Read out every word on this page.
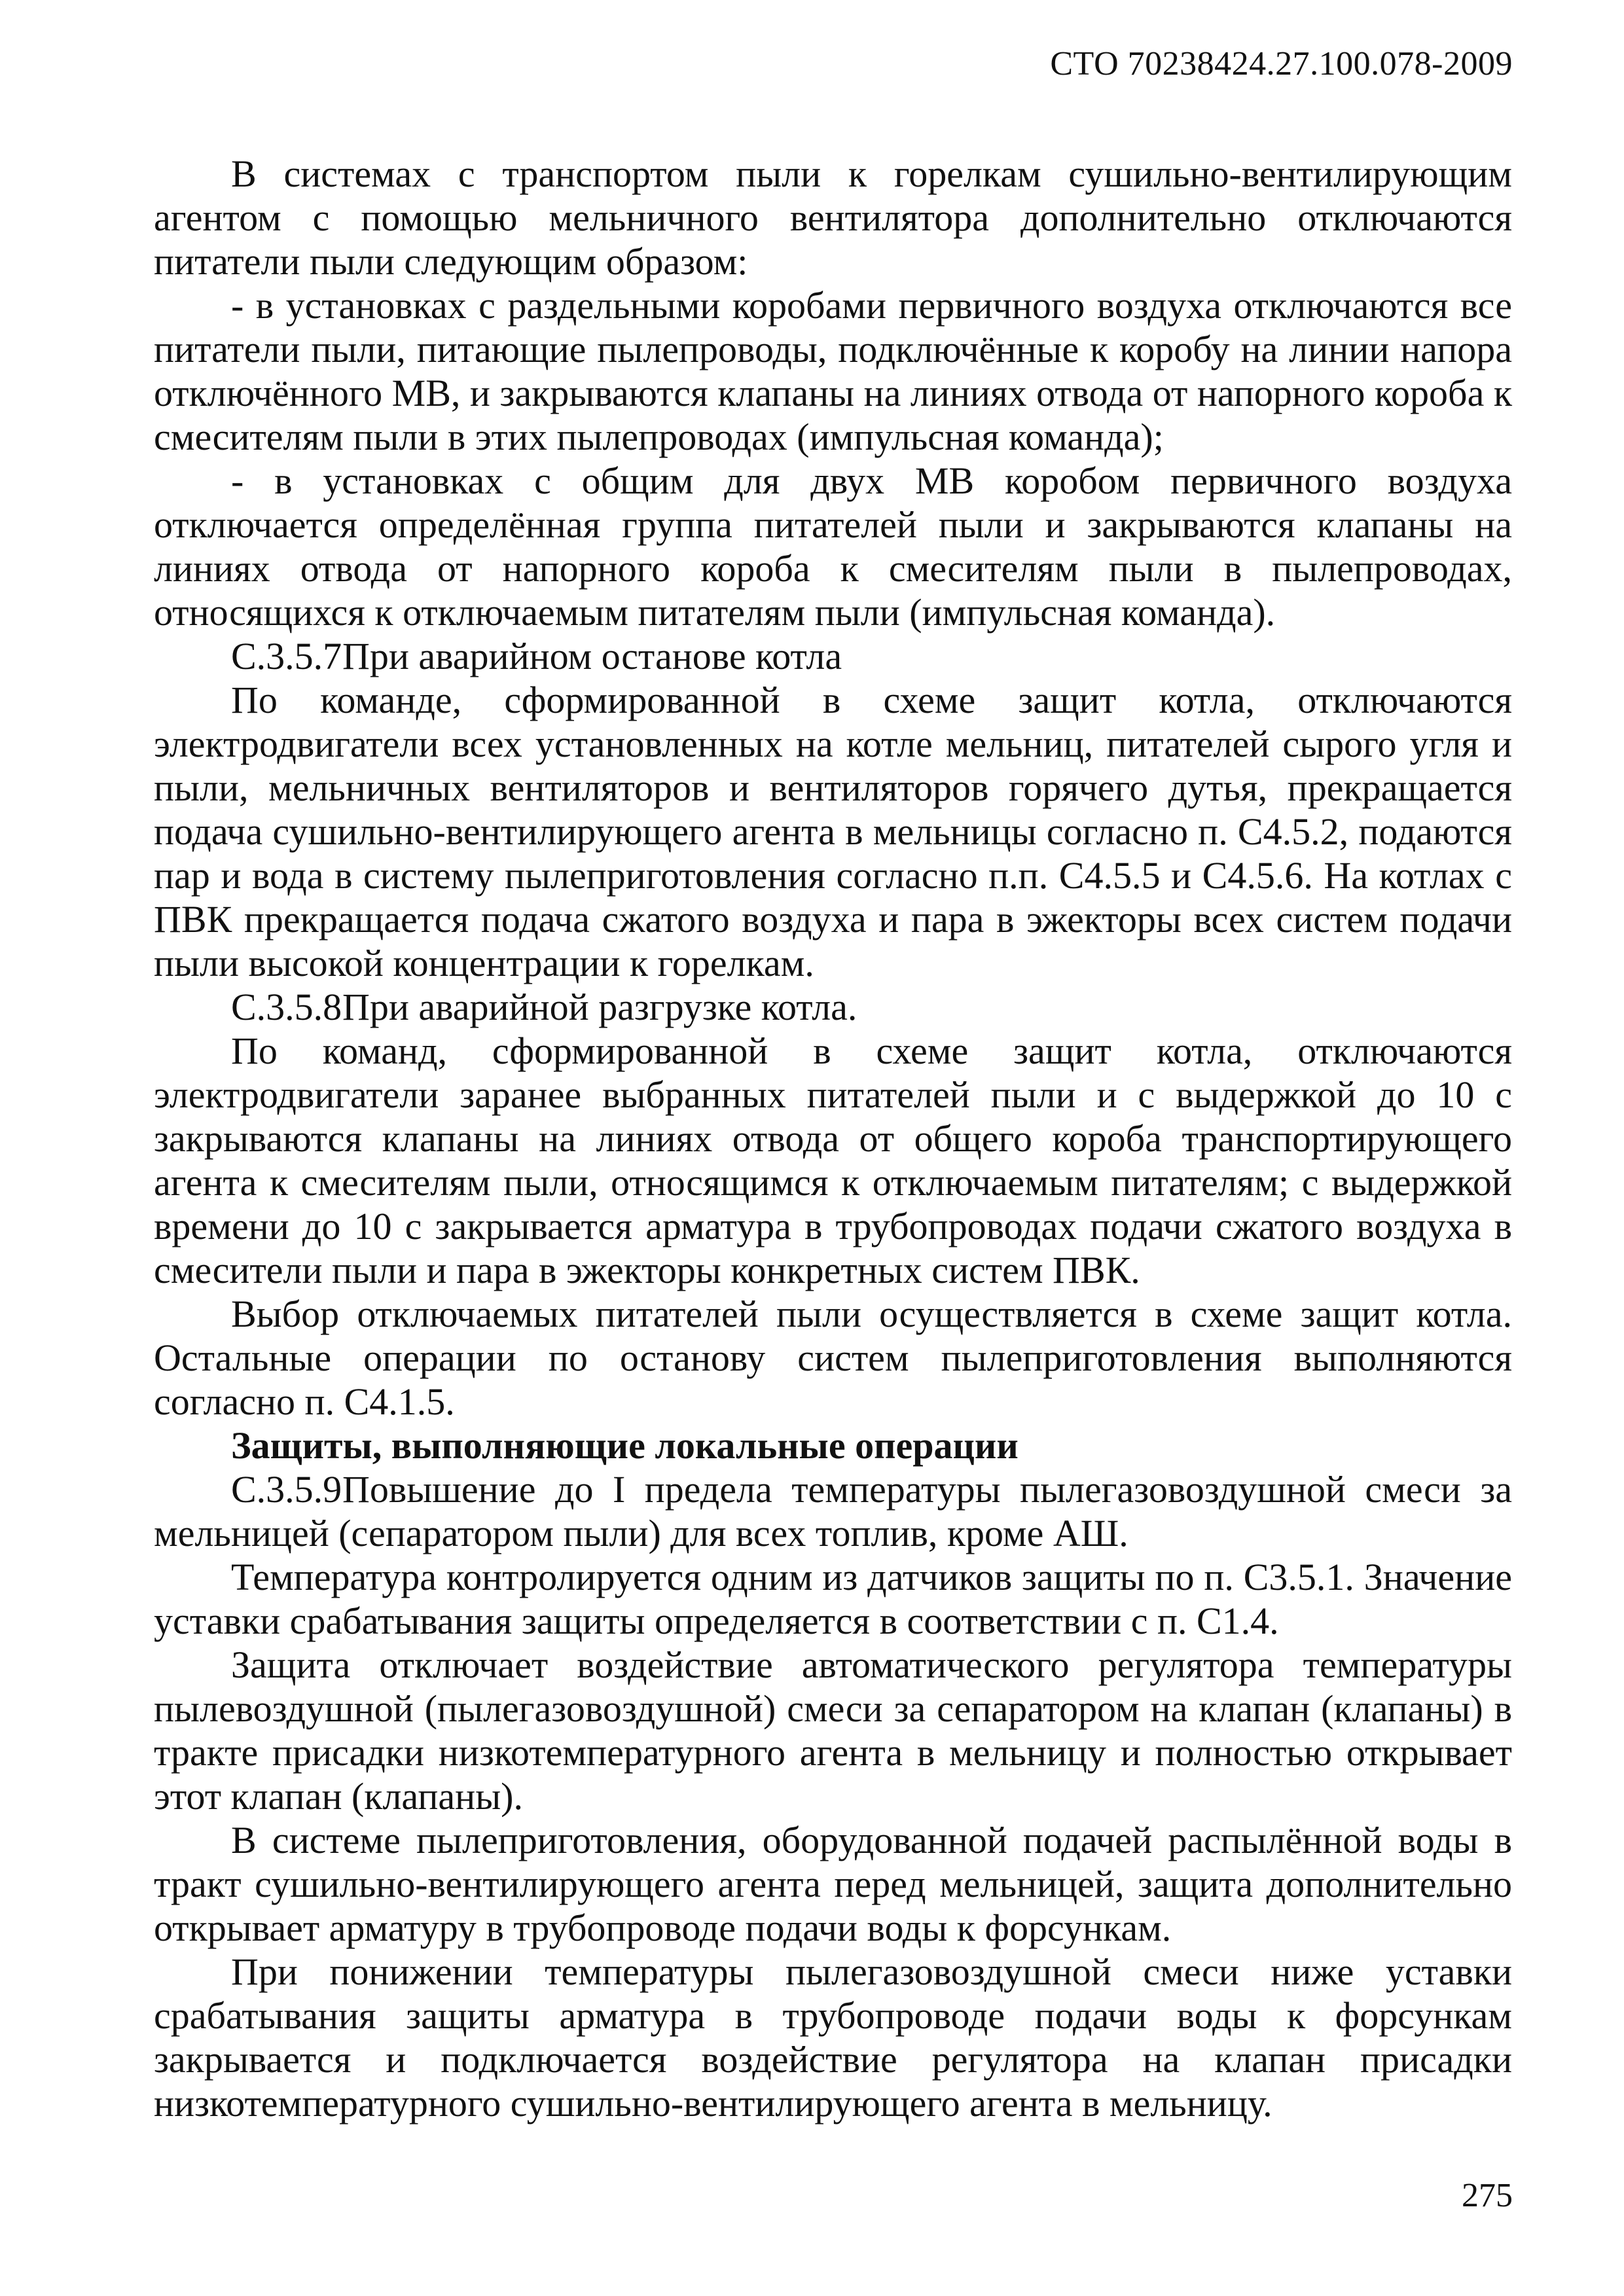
СТО 70238424.27.100.078-2009

В системах с транспортом пыли к горелкам сушильно-вентилирующим агентом с помощью мельничного вентилятора дополнительно отключаются питатели пыли следующим образом:

- в установках с раздельными коробами первичного воздуха отключаются все питатели пыли, питающие пылепроводы, подключённые к коробу на линии напора отключённого МВ, и закрываются клапаны на линиях отвода от напорного короба к смесителям пыли в этих пылепроводах (импульсная команда);

- в установках с общим для двух МВ коробом первичного воздуха отключается определённая группа питателей пыли и закрываются клапаны на линиях отвода от напорного короба к смесителям пыли в пылепроводах, относящихся к отключаемым питателям пыли (импульсная команда).

С.3.5.7При аварийном останове котла

По команде, сформированной в схеме защит котла, отключаются электродвигатели всех установленных на котле мельниц, питателей сырого угля и пыли, мельничных вентиляторов и вентиляторов горячего дутья, прекращается подача сушильно-вентилирующего агента в мельницы согласно п. С4.5.2, подаются пар и вода в систему пылеприготовления согласно п.п. С4.5.5 и С4.5.6. На котлах с ПВК прекращается подача сжатого воздуха и пара в эжекторы всех систем подачи пыли высокой концентрации к горелкам.

С.3.5.8При аварийной разгрузке котла.

По команд, сформированной в схеме защит котла, отключаются электродвигатели заранее выбранных питателей пыли и с выдержкой до 10 с закрываются клапаны на линиях отвода от общего короба транспортирующего агента к смесителям пыли, относящимся к отключаемым питателям; с выдержкой времени до 10 с закрывается арматура в трубопроводах подачи сжатого воздуха в смесители пыли и пара в эжекторы конкретных систем ПВК.

Выбор отключаемых питателей пыли осуществляется в схеме защит котла. Остальные операции по останову систем пылеприготовления выполняются согласно п. С4.1.5.

Защиты, выполняющие локальные операции

С.3.5.9Повышение до I предела температуры пылегазовоздушной смеси за мельницей (сепаратором пыли) для всех топлив, кроме АШ.

Температура контролируется одним из датчиков защиты по п. С3.5.1. Значение уставки срабатывания защиты определяется в соответствии с п. С1.4.

Защита отключает воздействие автоматического регулятора температуры пылевоздушной (пылегазовоздушной) смеси за сепаратором на клапан (клапаны) в тракте присадки низкотемпературного агента в мельницу и полностью открывает этот клапан (клапаны).

В системе пылеприготовления, оборудованной подачей распылённой воды в тракт сушильно-вентилирующего агента перед мельницей, защита дополнительно открывает арматуру в трубопроводе подачи воды к форсункам.

При понижении температуры пылегазовоздушной смеси ниже уставки срабатывания защиты арматура в трубопроводе подачи воды к форсункам закрывается и подключается воздействие регулятора на клапан присадки низкотемпературного сушильно-вентилирующего агента в мельницу.

275
